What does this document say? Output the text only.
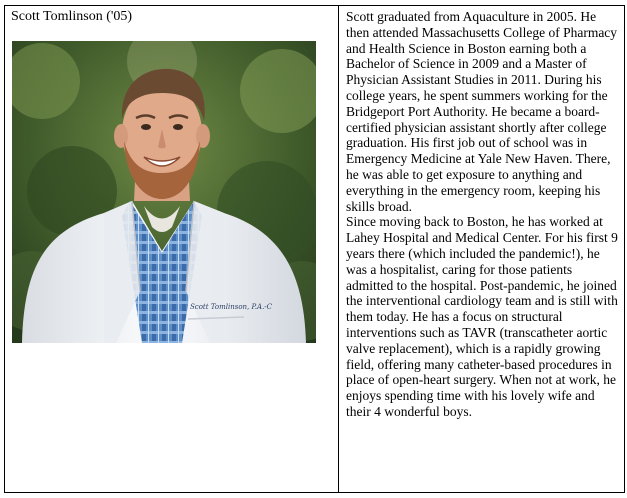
Scott Tomlinson ('05)
Scott Tomlinson, P.A.-C

Scott graduated from Aquaculture in 2005. He then attended Massachusetts College of Pharmacy and Health Science in Boston earning both a Bachelor of Science in 2009 and a Master of Physician Assistant Studies in 2011. During his college years, he spent summers working for the Bridgeport Port Authority. He became a board-certified physician assistant shortly after college graduation. His first job out of school was in Emergency Medicine at Yale New Haven. There, he was able to get exposure to anything and everything in the emergency room, keeping his skills broad.

Since moving back to Boston, he has worked at Lahey Hospital and Medical Center. For his first 9 years there (which included the pandemic!), he was a hospitalist, caring for those patients admitted to the hospital. Post-pandemic, he joined the interventional cardiology team and is still with them today. He has a focus on structural interventions such as TAVR (transcatheter aortic valve replacement), which is a rapidly growing field, offering many catheter-based procedures in place of open-heart surgery. When not at work, he enjoys spending time with his lovely wife and their 4 wonderful boys.
